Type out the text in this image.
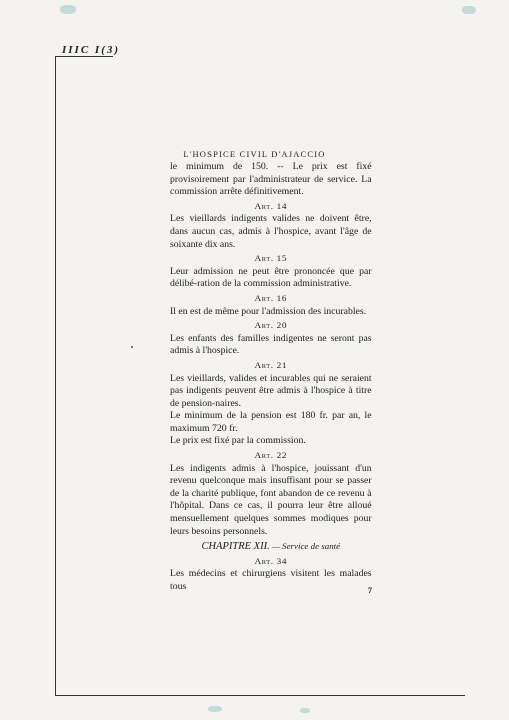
IIIC I(3)
L'HOSPICE CIVIL D'AJACCIO

le minimum de 150. -- Le prix est fixé provisoirement par l'administrateur de service. La commission arrête définitivement.

Art. 14

Les vieillards indigents valides ne doivent être, dans aucun cas, admis à l'hospice, avant l'âge de soixante dix ans.

Art. 15

Leur admission ne peut être prononcée que par délibé-ration de la commission administrative.

Art. 16

Il en est de même pour l'admission des incurables.

Art. 20

Les enfants des familles indigentes ne seront pas admis à l'hospice.

Art. 21

Les vieillards, valides et incurables qui ne seraient pas indigents peuvent être admis à l'hospice à titre de pension-naires.

Le minimum de la pension est 180 fr. par an, le maximum 720 fr.

Le prix est fixé par la commission.

Art. 22

Les indigents admis à l'hospice, jouissant d'un revenu quelconque mais insuffisant pour se passer de la charité publique, font abandon de ce revenu à l'hôpital. Dans ce cas, il pourra leur être alloué mensuellement quelques sommes modiques pour leurs besoins personnels.

CHAPITRE XII. — Service de santé

Art. 34

Les médecins et chirurgiens visitent les malades tous	7
